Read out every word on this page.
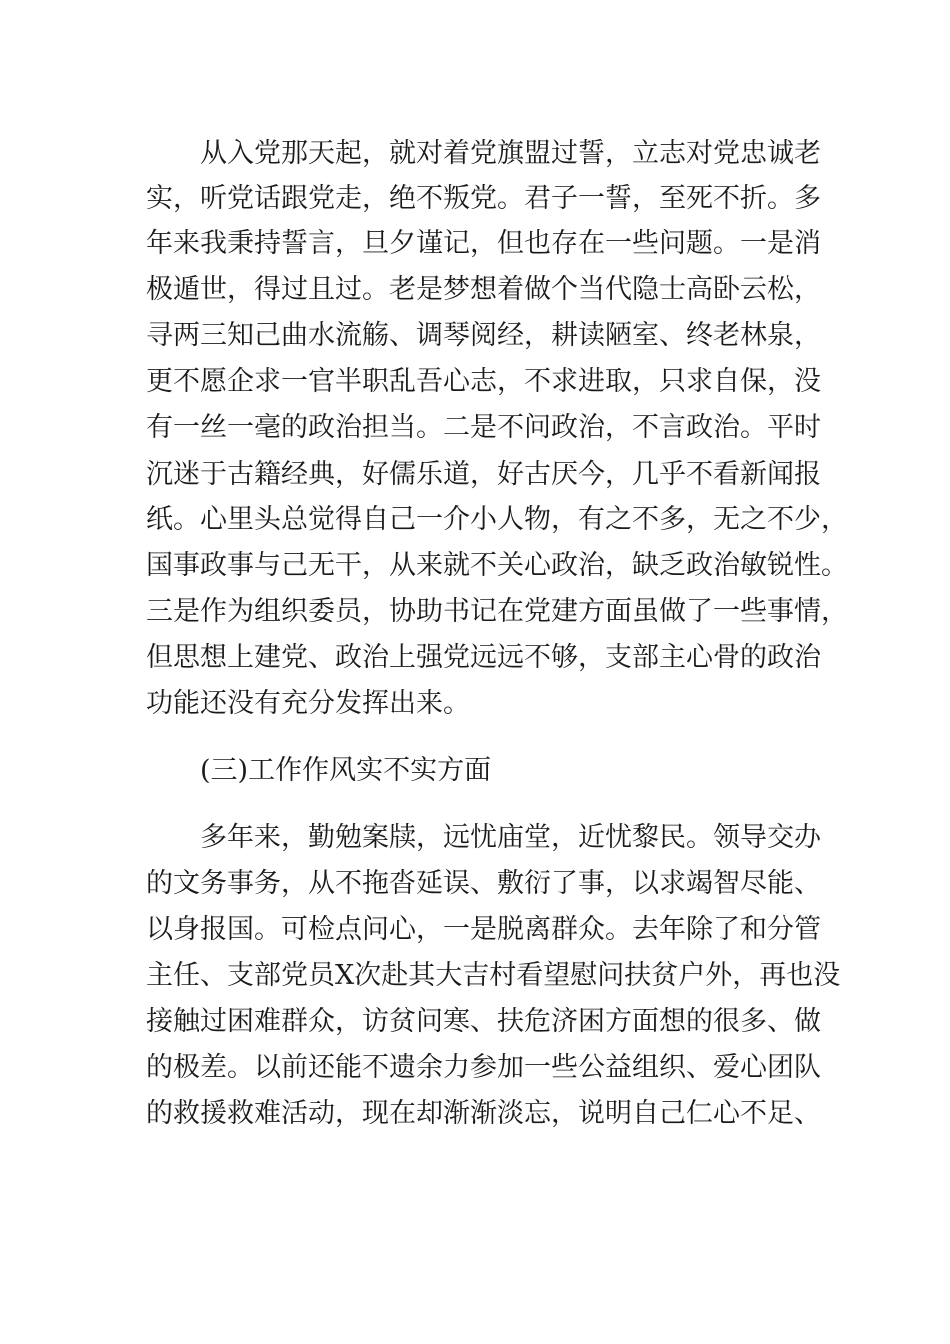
从入党那天起，就对着党旗盟过誓，立志对党忠诚老
实，听党话跟党走，绝不叛党。君子一誓，至死不折。多
年来我秉持誓言，旦夕谨记，但也存在一些问题。一是消
极遁世，得过且过。老是梦想着做个当代隐士高卧云松，
寻两三知己曲水流觞、调琴阅经，耕读陋室、终老林泉，
更不愿企求一官半职乱吾心志，不求进取，只求自保，没
有一丝一毫的政治担当。二是不问政治，不言政治。平时
沉迷于古籍经典，好儒乐道，好古厌今，几乎不看新闻报
纸。心里头总觉得自己一介小人物，有之不多，无之不少，
国事政事与己无干，从来就不关心政治，缺乏政治敏锐性。
三是作为组织委员，协助书记在党建方面虽做了一些事情，
但思想上建党、政治上强党远远不够，支部主心骨的政治
功能还没有充分发挥出来。
(三)工作作风实不实方面
多年来，勤勉案牍，远忧庙堂，近忧黎民。领导交办
的文务事务，从不拖沓延误、敷衍了事，以求竭智尽能、
以身报国。可检点问心，一是脱离群众。去年除了和分管
主任、支部党员X次赴其大吉村看望慰问扶贫户外，再也没
接触过困难群众，访贫问寒、扶危济困方面想的很多、做
的极差。以前还能不遗余力参加一些公益组织、爱心团队
的救援救难活动，现在却渐渐淡忘，说明自己仁心不足、
